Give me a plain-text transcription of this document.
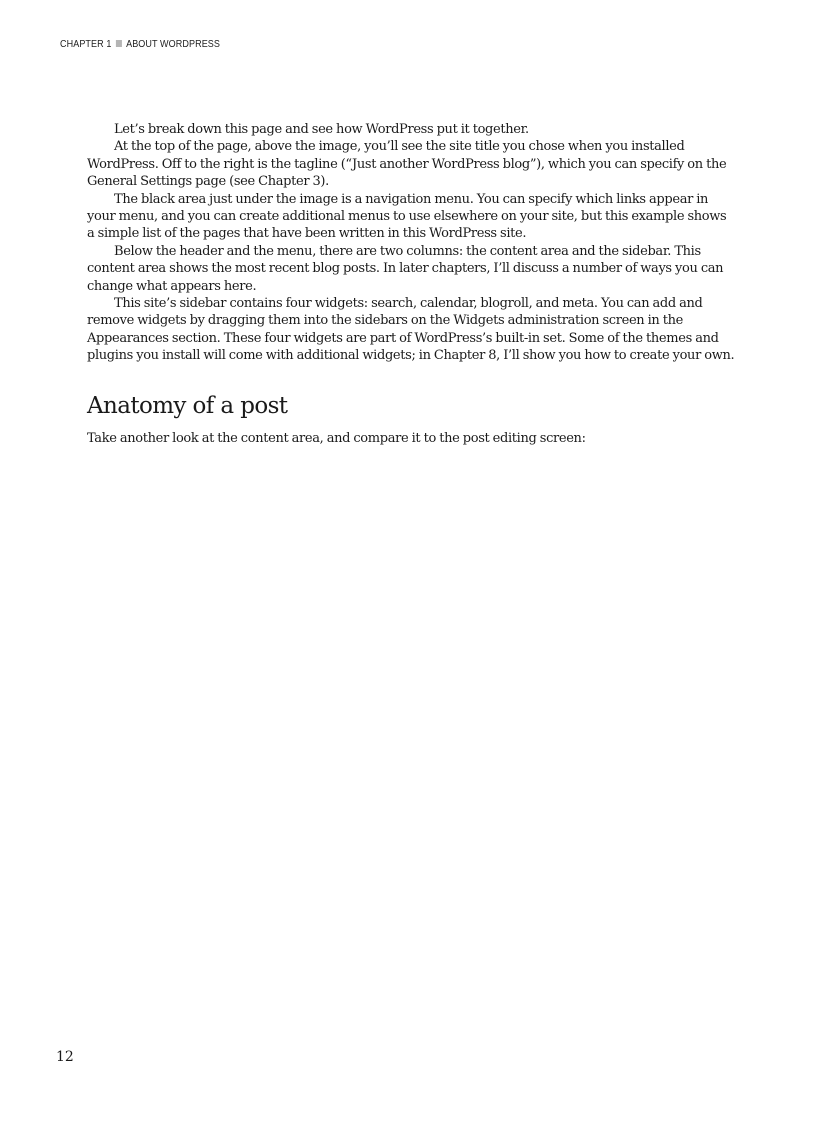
CHAPTER 1 ABOUT WORDPRESS

Let’s break down this page and see how WordPress put it together.

At the top of the page, above the image, you’ll see the site title you chose when you installed WordPress. Off to the right is the tagline (“Just another WordPress blog”), which you can specify on the General Settings page (see Chapter 3).

The black area just under the image is a navigation menu. You can specify which links appear in your menu, and you can create additional menus to use elsewhere on your site, but this example shows a simple list of the pages that have been written in this WordPress site.

Below the header and the menu, there are two columns: the content area and the sidebar. This content area shows the most recent blog posts. In later chapters, I’ll discuss a number of ways you can change what appears here.

This site’s sidebar contains four widgets: search, calendar, blogroll, and meta. You can add and remove widgets by dragging them into the sidebars on the Widgets administration screen in the Appearances section. These four widgets are part of WordPress’s built-in set. Some of the themes and plugins you install will come with additional widgets; in Chapter 8, I’ll show you how to create your own.

Anatomy of a post

Take another look at the content area, and compare it to the post editing screen:

12
